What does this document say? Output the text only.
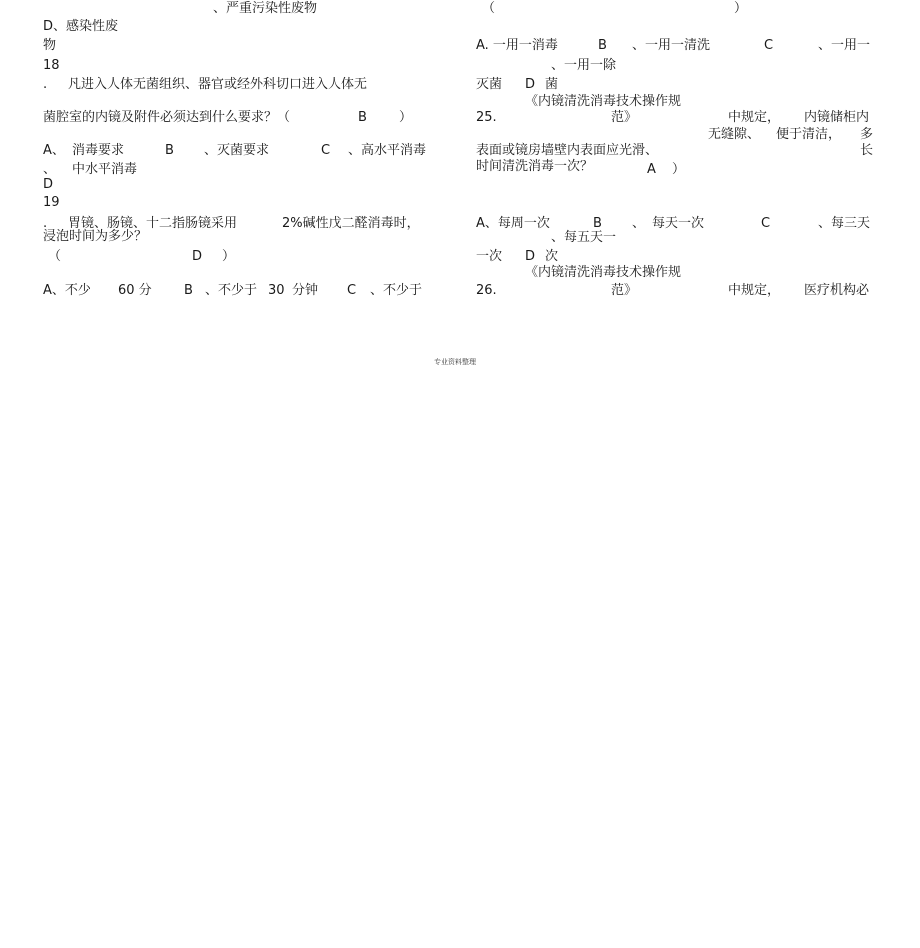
、严重污染性废物
D、感染性废
物
18
. 凡进入人体无菌组织、器官或经外科切口进入人体无
菌腔室的内镜及附件必须达到什么要求？（	B ）
A、 消毒要求	B 、灭菌要求	C 、高水平消毒
、 中水平消毒
D
19
. 胃镜、肠镜、十二指肠镜采用	2%碱性戊二醛消毒时，
浸泡时间为多少？
（	D ）
A、不少 60 分 B 、不少于 30 分钟 C 、不少于
（	）
A. 一用一消毒	B 、一用一清洗	C	、一用一
、一用一除
灭菌 D 菌
《内镜清洗消毒技术操作规
25.	范》	中规定， 内镜储柜内
无缝隙、 便于清洁， 多
表面或镜房墙壁内表面应光滑、	长
时间清洗消毒一次？	A ）
A、每周一次	B 、 每天一次	C	、每三天
、每五天一
一次 D 次
《内镜清洗消毒技术操作规
26.	范》	中规定， 医疗机构必
专业资料整理
